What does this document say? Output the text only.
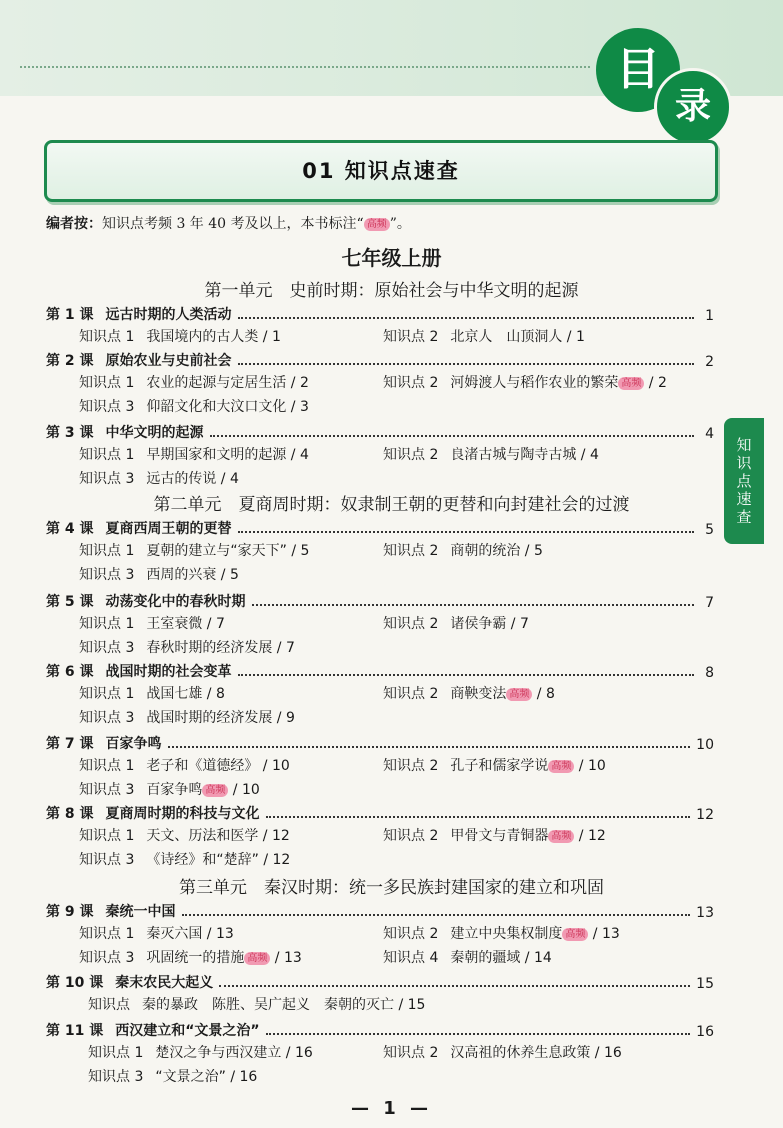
目
录
01 知识点速查
知
识
点
速
查
编者按：知识点考频 3 年 40 考及以上，本书标注“ 高频 ”。
七年级上册
第一单元　史前时期：原始社会与中华文明的起源
第二单元　夏商周时期：奴隶制王朝的更替和向封建社会的过渡
第三单元　秦汉时期：统一多民族封建国家的建立和巩固
第 1 课 远古时期的人类活动	1
知识点 1 我国境内的古人类 / 1	知识点 2 北京人　山顶洞人 / 1
第 2 课 原始农业与史前社会	2
知识点 1 农业的起源与定居生活 / 2	知识点 2 河姆渡人与稻作农业的繁荣 高频 / 2
知识点 3 仰韶文化和大汶口文化 / 3
第 3 课 中华文明的起源	4
知识点 1 早期国家和文明的起源 / 4	知识点 2 良渚古城与陶寺古城 / 4
知识点 3 远古的传说 / 4
第 4 课 夏商西周王朝的更替	5
知识点 1 夏朝的建立与“家天下” / 5	知识点 2 商朝的统治 / 5
知识点 3 西周的兴衰 / 5
第 5 课 动荡变化中的春秋时期	7
知识点 1 王室衰微 / 7	知识点 2 诸侯争霸 / 7
知识点 3 春秋时期的经济发展 / 7
第 6 课 战国时期的社会变革	8
知识点 1 战国七雄 / 8	知识点 2 商鞅变法 高频 / 8
知识点 3 战国时期的经济发展 / 9
第 7 课 百家争鸣	10
知识点 1 老子和《道德经》 / 10	知识点 2 孔子和儒家学说 高频 / 10
知识点 3 百家争鸣 高频 / 10
第 8 课 夏商周时期的科技与文化	12
知识点 1 天文、历法和医学 / 12	知识点 2 甲骨文与青铜器 高频 / 12
知识点 3 《诗经》和“楚辞” / 12
第 9 课 秦统一中国	13
知识点 1 秦灭六国 / 13	知识点 2 建立中央集权制度 高频 / 13
知识点 3 巩固统一的措施 高频 / 13	知识点 4 秦朝的疆域 / 14
第 10 课 秦末农民大起义	15
知识点 秦的暴政　陈胜、吴广起义　秦朝的灭亡 / 15
第 11 课 西汉建立和“文景之治”	16
知识点 1 楚汉之争与西汉建立 / 16	知识点 2 汉高祖的休养生息政策 / 16
知识点 3 “文景之治” / 16
— 1 —
